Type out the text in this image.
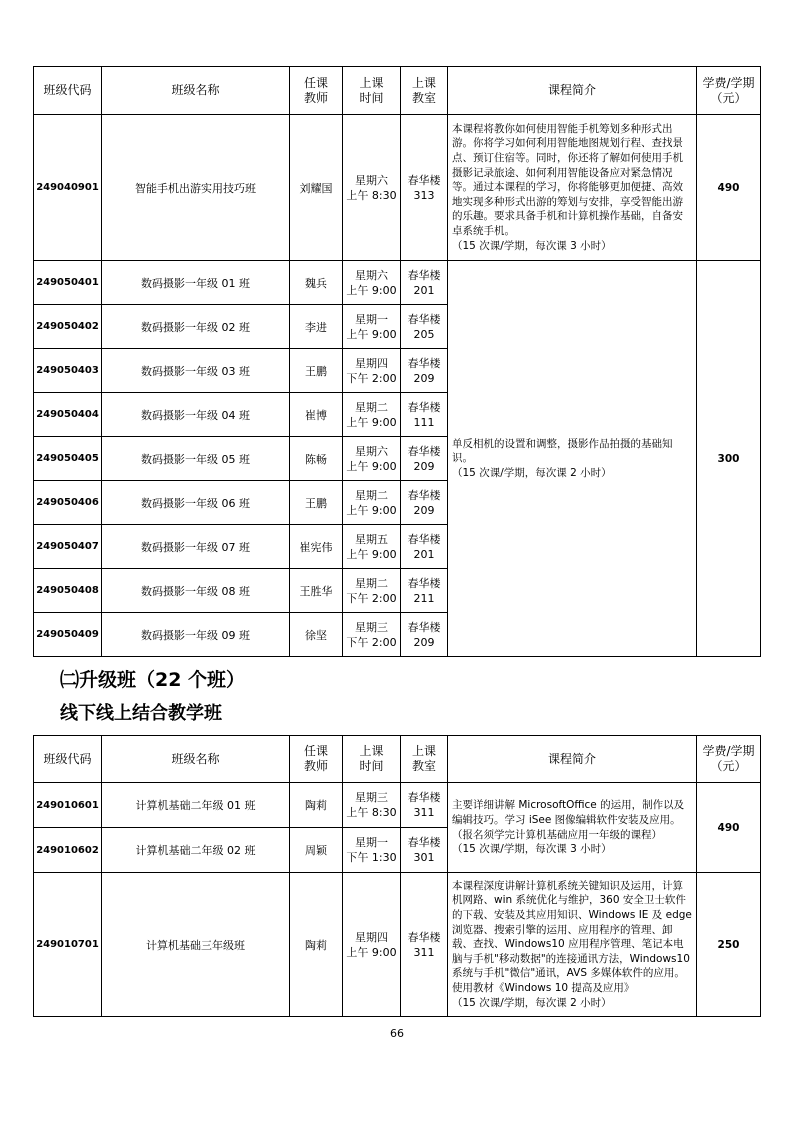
班级代码	班级名称	任课
教师	上课
时间	上课
教室	课程简介	学费/学期
（元）
249040901	智能手机出游实用技巧班	刘耀国	星期六
上午 8:30	春华楼
313	本课程将教你如何使用智能手机筹划多种形式出游。你将学习如何利用智能地图规划行程、查找景点、预订住宿等。同时，你还将了解如何使用手机摄影记录旅途、如何利用智能设备应对紧急情况等。通过本课程的学习，你将能够更加便捷、高效地实现多种形式出游的筹划与安排，享受智能出游的乐趣。要求具备手机和计算机操作基础，自备安卓系统手机。
（15 次课/学期，每次课 3 小时）	490
249050401	数码摄影一年级 01 班	魏兵	星期六
上午 9:00	春华楼
201	单反相机的设置和调整，摄影作品拍摄的基础知识。
（15 次课/学期，每次课 2 小时）	300
249050402	数码摄影一年级 02 班	李进	星期一
上午 9:00	春华楼
205		
249050403	数码摄影一年级 03 班	王鹏	星期四
下午 2:00	春华楼
209		
249050404	数码摄影一年级 04 班	崔博	星期二
上午 9:00	春华楼
111		
249050405	数码摄影一年级 05 班	陈畅	星期六
上午 9:00	春华楼
209		
249050406	数码摄影一年级 06 班	王鹏	星期二
上午 9:00	春华楼
209		
249050407	数码摄影一年级 07 班	崔宪伟	星期五
上午 9:00	春华楼
201		
249050408	数码摄影一年级 08 班	王胜华	星期二
下午 2:00	春华楼
211		
249050409	数码摄影一年级 09 班	徐坚	星期三
下午 2:00	春华楼
209		
㈡升级班（22 个班）
线下线上结合教学班
班级代码	班级名称	任课
教师	上课
时间	上课
教室	课程简介	学费/学期
（元）
249010601	计算机基础二年级 01 班	陶莉	星期三
上午 8:30	春华楼
311	主要详细讲解 MicrosoftOffice 的运用，制作以及编辑技巧。学习 iSee 图像编辑软件安装及应用。（报名须学完计算机基础应用一年级的课程）
（15 次课/学期，每次课 3 小时）	490
249010602	计算机基础二年级 02 班	周颖	星期一
下午 1:30	春华楼
301		
249010701	计算机基础三年级班	陶莉	星期四
上午 9:00	春华楼
311	本课程深度讲解计算机系统关键知识及运用，计算机网路、win 系统优化与维护，360 安全卫士软件的下载、安装及其应用知识、Windows IE 及 edge 浏览器、搜索引擎的运用、应用程序的管理、卸载、查找、Windows10 应用程序管理、笔记本电脑与手机"移动数据"的连接通讯方法，Windows10 系统与手机"微信"通讯，AVS 多媒体软件的应用。使用教材《Windows 10 提高及应用》
（15 次课/学期，每次课 2 小时）	250
66
